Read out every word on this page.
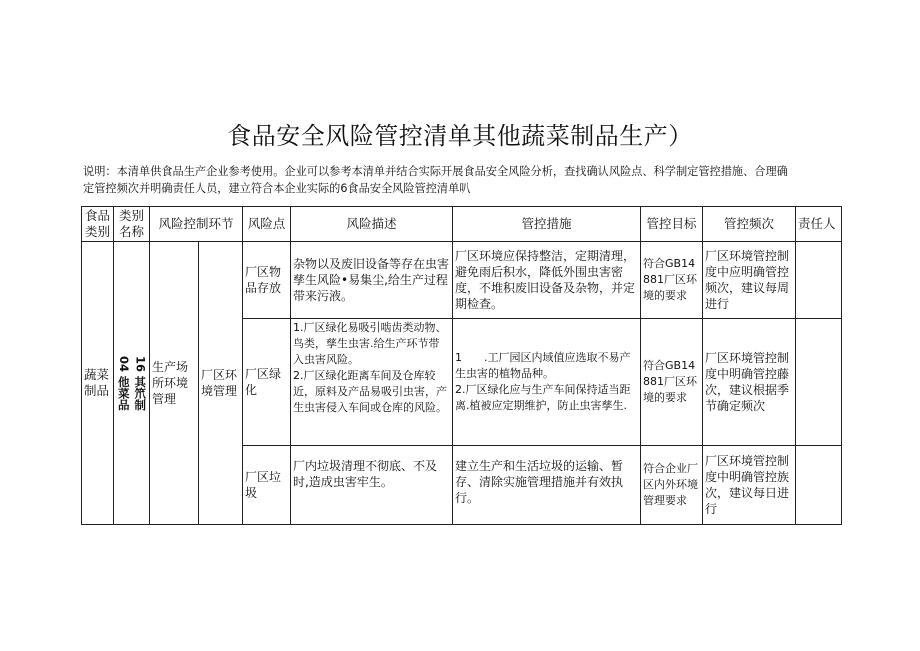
食品安全风险管控清单其他蔬菜制品生产）
说明：本清单供食品生产企业参考使用。企业可以参考本清单并结合实际开展食品安全风险分析，查找确认风险点、科学制定管控措施、合理确
定管控频次并明确责任人员，建立符合本企业实际的6食品安全风险管控清单叭
食品类别	类别名称	风险控制环节		风险点	风险描述	管控措施	管控目标	管控频次	责任人
蔬菜制品	04 他菜品 16 其笊制	生产场所环境管理	厂区环境管理	厂区物品存放	杂物以及废旧设备等存在虫害孳生风险•易集尘,给生产过程带来污液。	厂区环境应保持整洁，定期清理，避免雨后积水，降低外围虫害密度，不堆积废旧设备及杂物，并定期检查。	符合GB14881厂区环境的要求	厂区环境管控制度中应明确管控频次，建议每周进行	
				厂区绿化	1.厂区绿化易吸引啮齿类动物、鸟类，孳生虫害.给生产环节带入虫害风险。
2.厂区绿化距离车间及仓库较近，原料及产品易吸引虫害，产生虫害侵入车间或仓库的风险。	1　　.工厂园区内域值应选取不易产生虫害的植物品种。
2.厂区绿化应与生产车间保持适当距离.植被应定期维护，防止虫害孳生.	符合GB14881厂区环境的要求	厂区环境管控制度中明确管控藤次，建议根据季节确定频次	
				厂区垃圾	厂内垃圾清理不彻底、不及时,造成虫害牢生。	建立生产和生活垃圾的运输、暂存、清除实施管理措施并有效执行。	符合企业厂区内外环境管理要求	厂区环境管控制度中明确管控族次，建议每日进行	
